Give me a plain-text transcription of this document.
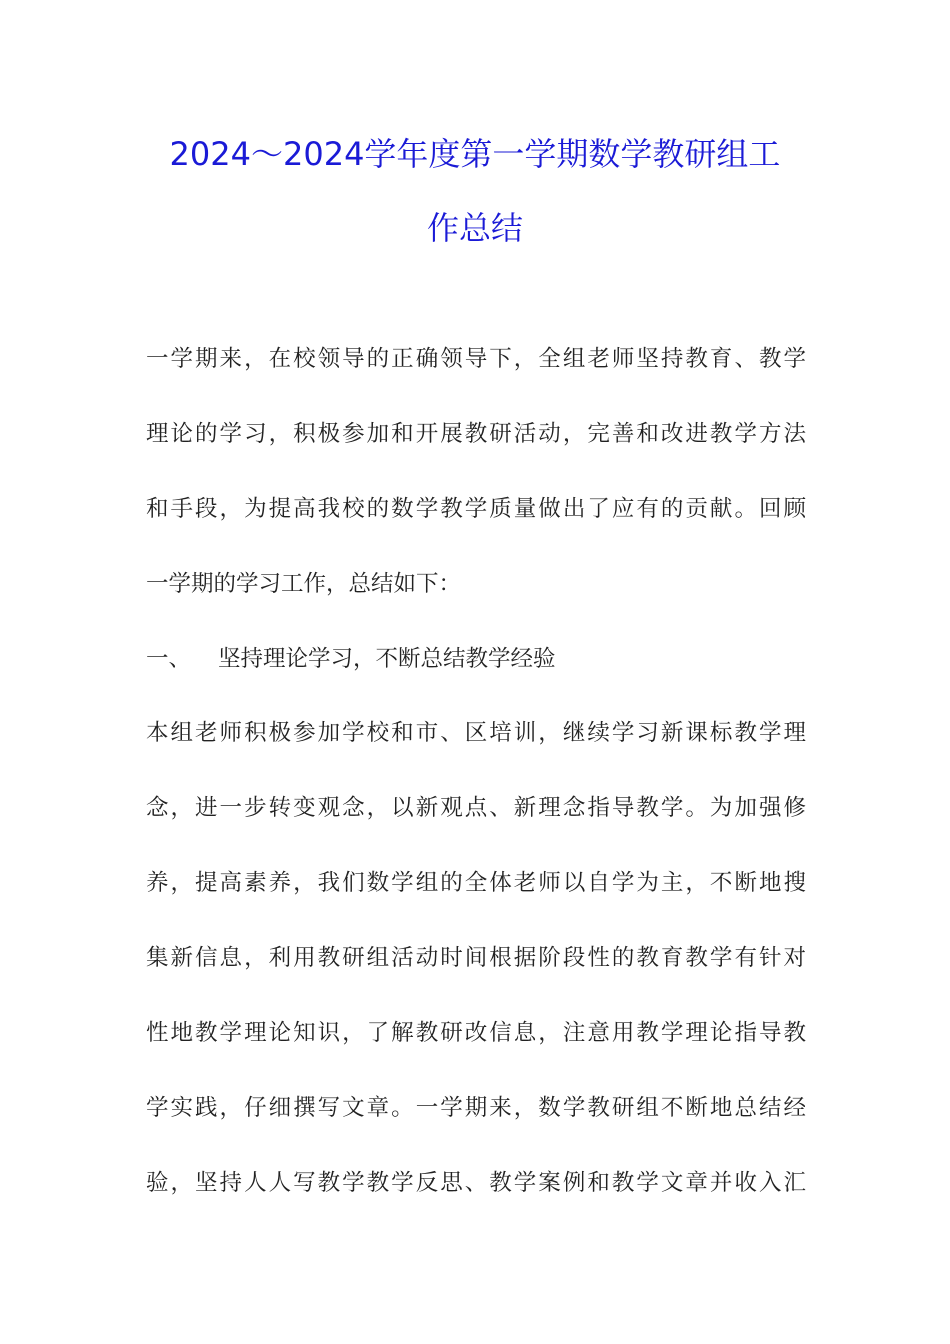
2024～2024学年度第一学期数学教研组工
作总结
一学期来，在校领导的正确领导下，全组老师坚持教育、教学
理论的学习，积极参加和开展教研活动，完善和改进教学方法
和手段，为提高我校的数学教学质量做出了应有的贡献。回顾
一学期的学习工作，总结如下：
一、 坚持理论学习，不断总结教学经验
本组老师积极参加学校和市、区培训，继续学习新课标教学理
念，进一步转变观念，以新观点、新理念指导教学。为加强修
养，提高素养，我们数学组的全体老师以自学为主，不断地搜
集新信息，利用教研组活动时间根据阶段性的教育教学有针对
性地教学理论知识，了解教研改信息，注意用教学理论指导教
学实践，仔细撰写文章。一学期来，数学教研组不断地总结经
验，坚持人人写教学教学反思、教学案例和教学文章并收入汇
